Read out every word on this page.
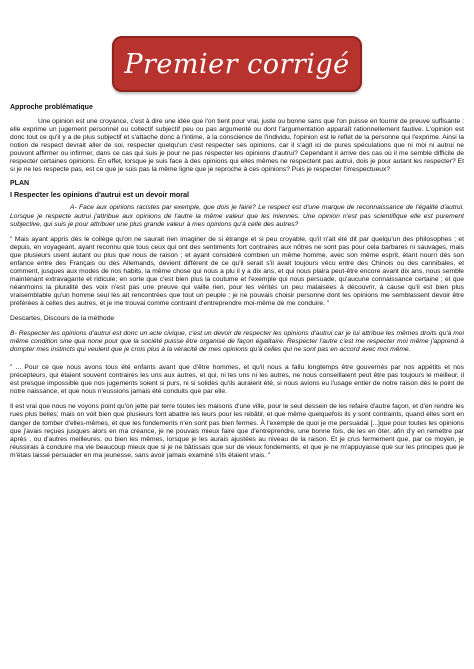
Premier corrigé

Approche problématique

Une opinion est une croyance, c'est à dire une idée que l'on tient pour vrai, juste ou bonne sans que l'on puisse en fournir de preuve suffisante : elle exprime un jugement personnel ou collectif subjectif peu ou pas argumenté ou dont l'argumentation apparaît rationnellement fautive. L'opinion est donc tout ce qu'il y a de plus subjectif et s'attache donc à l'intime, à la conscience de l'individu, l'opinion est le reflet de la personne qui l'exprime. Ainsi la notion de respect devrait aller de soi, respecter quelqu'un c'est respecter ses opinions, car il s'agit ici de pures spéculations que ni moi ni autrui ne pouvont affirmer ou infirmer, dans ce cas qui suis je pour ne pas respecter les opinions d'autrui? Cependant il arrive des cas où il me semble difficile de respecter certaines opinions. En effet, lorsque je suis face à des opinions qui elles mêmes ne respectent pas autrui, dois je pour autant les respecter? Et si je ne les respecte pas, est ce que je suis pas la même ligne que je reproche à ces opinions? Puis je respecter l'irrespectueux?

PLAN

I Respecter les opinions d'autrui est un devoir moral

A- Face aux opinions racistes par exemple, que dois je faire? Le respect est d'une marque de reconnaissance de l'égalité d'autrui. Lorsque je respecte autrui j'attribue aux opinions de l'autre la même valeur que les miennes. Une opinion n'est pas scientifique elle est purement subjective, qui suis je pour attribuer une plus grande valeur à mes opinions qu'à celle des autres?

" Mais ayant appris dès le collège qu'on ne saurait rien imaginer de si étrange et si peu croyable, qu'il n'ait été dit par quelqu'un des philosophes ; et depuis, en voyageant, ayant reconnu que tous ceux qui ont des sentiments fort contraires aux nôtres ne sont pas pour cela barbares ni sauvages, mais que plusieurs usent autant ou plus que nous de raison ; et ayant considéré combien un même homme, avec son même esprit, étant nourri dès son enfance entre des Français ou des Allemands, devient différent de ce qu'il serait s'il avait toujours vécu entre des Chinois ou des cannibales, et comment, jusques aux modes de nos habits, la même chose qui nous a plu il y a dix ans, et qui nous plaira peut-être encore avant dix ans, nous semble maintenant extravagante et ridicule; en sorte que c'est bien plus la coutume et l'exemple qui nous persuade, qu'aucune connaissance certaine ; et que néanmoins la pluralité des voix n'est pas une preuve qui vaille rien, pour les vérités un peu malaisées à découvrir, à cause qu'il est bien plus vraisemblable qu'un homme seul les ait rencontrées que tout un peuple ; je ne pouvais choisir personne dont les opinions me semblassent devoir être préférées à celles des autres, et je me trouvai comme contraint d'entreprendre moi-même de me conduire. "

Descartes, Discours de la méthode

B- Respecter les opinions d'autrui est donc un acte civique, c'est un devoir de respecter les opinions d'autrui car je lui attribue les mêmes droits qu'à moi même condition sine qua none pour que la société puisse être organisé de façon égalitaire. Respecter l'autre c'est me respecter moi même j'apprend à dompter mes instincts qui veulent que je crois plus à la véracité de mes opinions qu'à celles qui ne sont pas en accord avec moi même.

" ... Pour ce que nous avons tous été enfants avant que d'être hommes, et qu'il nous a fallu longtemps être gouvernés par nos appétits et nos précepteurs, qui étaient souvent contraires les uns aux autres, et qui, ni les uns ni les autres, ne nous conseillaient peut être pas toujours le meilleur, il est presque impossible que nos jugements soient si purs, ni si solides qu'ils auraient été, si nous avions eu l'usage entier de notre raison dès le point de notre naissance, et que nous n'eussions jamais été conduits que par elle.

Il est vrai que nous ne voyons point qu'on jette par terre toutes les maisons d'une ville, pour le seul dessein de les refaire d'autre façon, et d'en rendre les rues plus belles; mais on voit bien que plusieurs font abattre les leurs pour les rebâtir, et que même quelquefois ils y sont contraints, quand elles sont en danger de tomber d'elles-mêmes, et que les fondements n'en sont pas bien fermes. À l'exemple de quoi je me persuadai [...]que pour toutes les opinions que j'avais reçues jusques alors en ma créance, je ne pouvais mieux faire que d'entreprendre, une bonne fois, de les en ôter, afin d'y en remettre par après , ou d'autres meilleures, ou bien les mêmes, lorsque je les aurais ajustées au niveau de la raison. Et je crus fermement que, par ce moyen, je réussirais à conduire ma vie beaucoup mieux que si je ne bâtissais que sur de vieux fondements, et que je ne m'appuyasse que sur les principes que je m'étais laissé persuader en ma jeunesse, sans avoir jamais examiné s'ils étaient vrais. "
